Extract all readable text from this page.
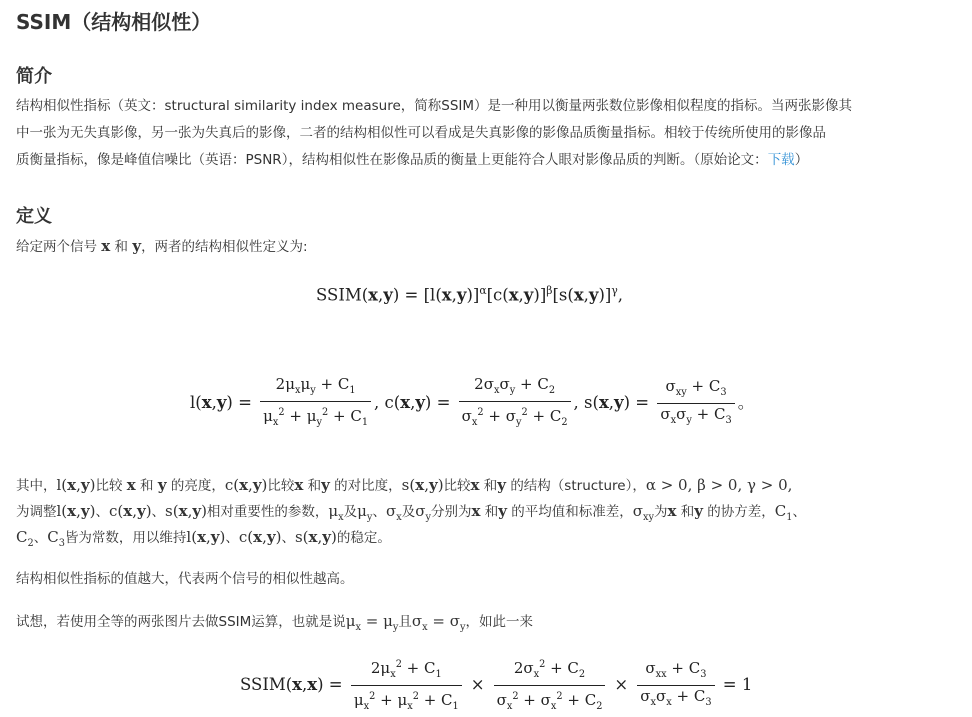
SSIM（结构相似性）
简介
结构相似性指标（英文：structural similarity index measure，简称SSIM）是一种用以衡量两张数位影像相似程度的指标。当两张影像其
中一张为无失真影像，另一张为失真后的影像，二者的结构相似性可以看成是失真影像的影像品质衡量指标。相较于传统所使用的影像品
质衡量指标，像是峰值信噪比（英语：PSNR），结构相似性在影像品质的衡量上更能符合人眼对影像品质的判断。（原始论文：下载）
定义
给定两个信号 x 和 y，两者的结构相似性定义为:
SSIM(x,y) = $[l(x,y)]^\alpha[c(x,y)]^\beta[s(x,y)]^\gamma$,
$l(x,y) = \frac{2\mu_x\mu_y + C_1}{\mu_x^2 + \mu_y^2 + C_1}$ , $c(x,y) = \frac{2\sigma_x\sigma_y + C_2}{\sigma_x^2 + \sigma_y^2 + C_2}$ , $s(x,y) = \frac{\sigma_{xy} + C_3}{\sigma_x\sigma_y + C_3}$ 。
其中，l(x,y)比较 x 和 y 的亮度，c(x,y)比较x 和y 的对比度，s(x,y)比较x 和y 的结构（structure），α > 0, β > 0, γ > 0,
为调整l(x,y)、c(x,y)、s(x,y)相对重要性的参数，$\mu_x$及$\mu_y$、$\sigma_x$及$\sigma_y$分别为x 和y 的平均值和标准差，$\sigma_{xy}$为x 和y 的协方差，$C_1$、
$C_2$、$C_3$皆为常数，用以维持l(x,y)、c(x,y)、s(x,y)的稳定。
结构相似性指标的值越大，代表两个信号的相似性越高。
试想，若使用全等的两张图片去做SSIM运算，也就是说$\mu_x = \mu_y$且$\sigma_x = \sigma_y$，如此一来
SSIM(x,x) = $\frac{2\mu_x^2 + C_1}{\mu_x^2 + \mu_x^2 + C_1} \times \frac{2\sigma_x^2 + C_2}{\sigma_x^2 + \sigma_x^2 + C_2} \times \frac{\sigma_{xx} + C_3}{\sigma_x\sigma_x + C_3} = 1$
